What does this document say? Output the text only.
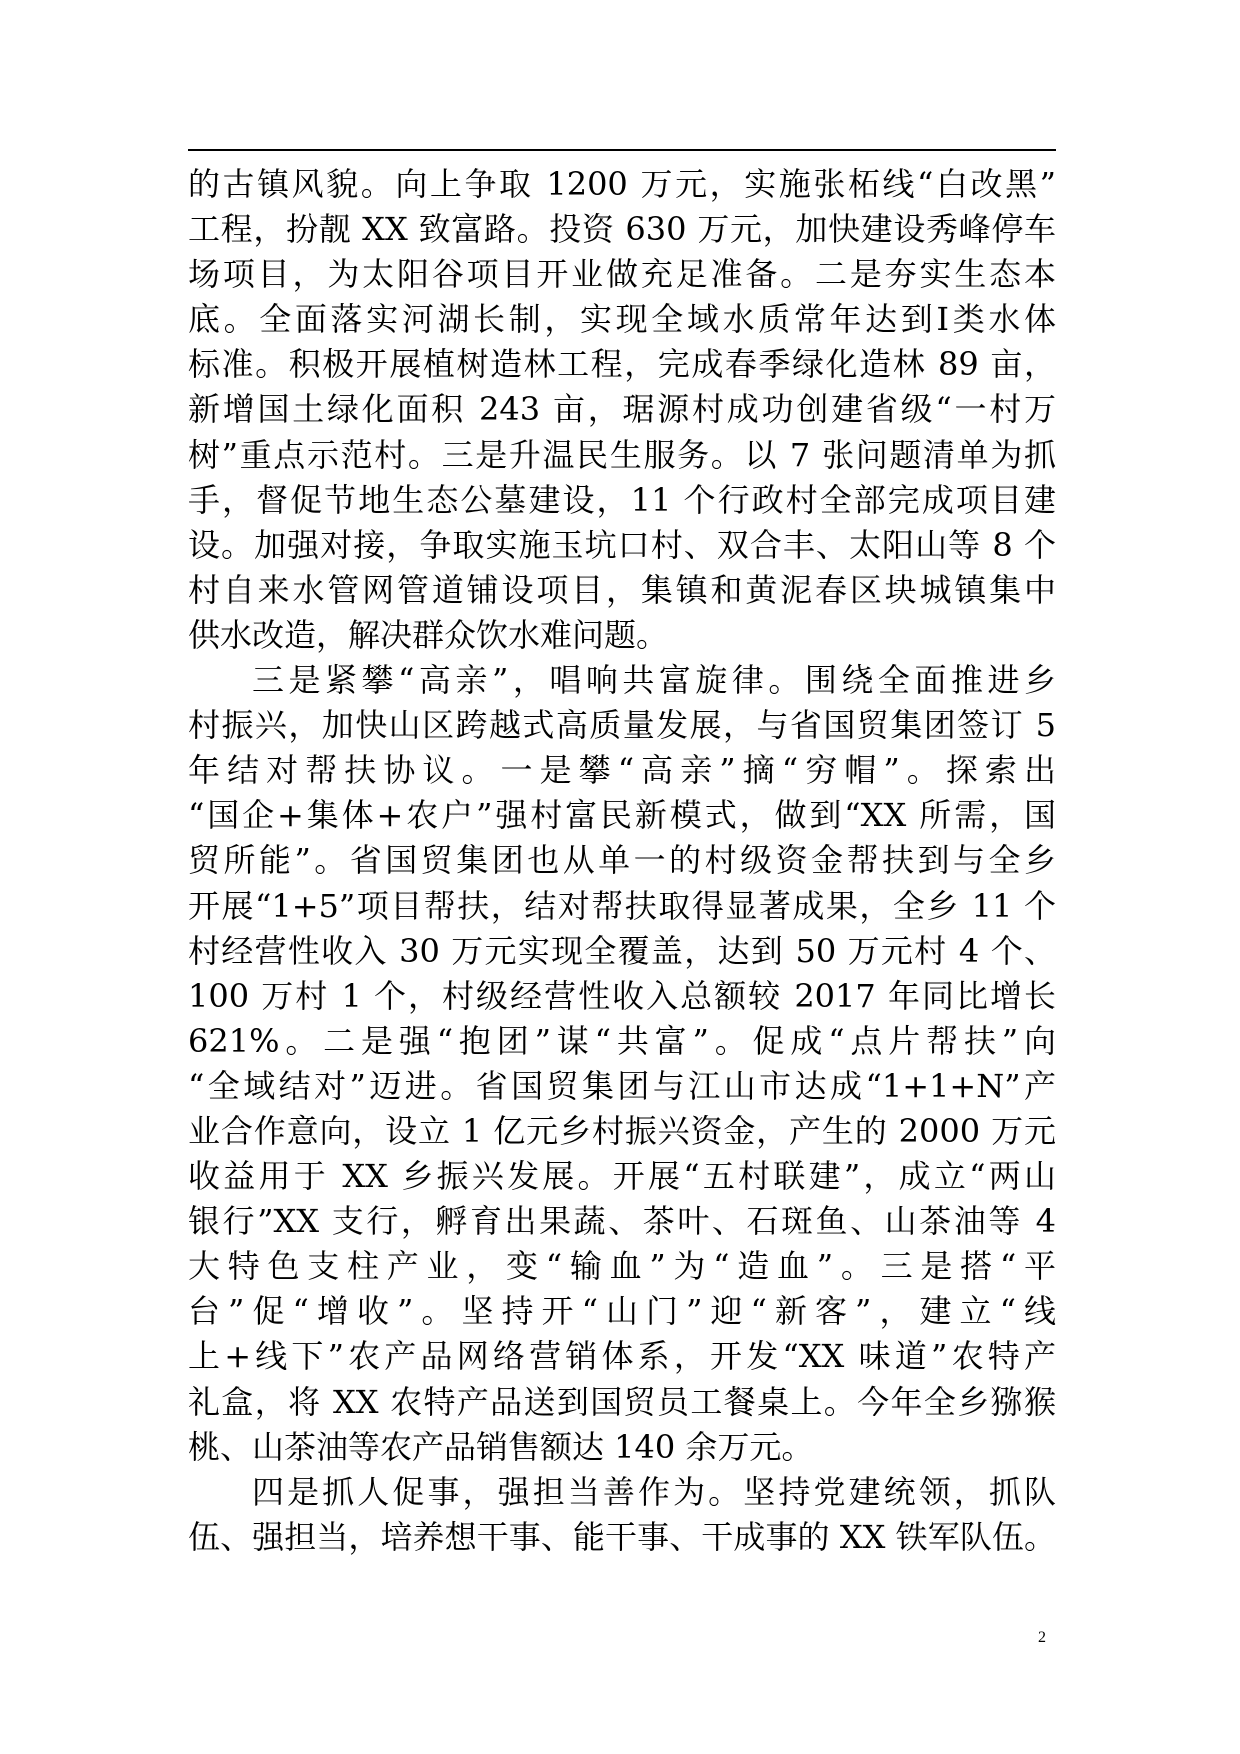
的古镇风貌。向上争取 1200 万元，实施张柘线“白改黑”
工程，扮靓 XX 致富路。投资 630 万元，加快建设秀峰停车
场项目，为太阳谷项目开业做充足准备。二是夯实生态本
底。全面落实河湖长制，实现全域水质常年达到Ⅰ类水体
标准。积极开展植树造林工程，完成春季绿化造林 89 亩，
新增国土绿化面积 243 亩，琚源村成功创建省级“一村万
树”重点示范村。三是升温民生服务。以 7 张问题清单为抓
手，督促节地生态公墓建设，11 个行政村全部完成项目建
设。加强对接，争取实施玉坑口村、双合丰、太阳山等 8 个
村自来水管网管道铺设项目，集镇和黄泥春区块城镇集中
供水改造，解决群众饮水难问题。
三是紧攀“高亲”，唱响共富旋律。围绕全面推进乡
村振兴，加快山区跨越式高质量发展，与省国贸集团签订 5
年结对帮扶协议。一是攀“高亲”摘“穷帽”。探索出
“国企+集体+农户”强村富民新模式，做到“XX 所需，国
贸所能”。省国贸集团也从单一的村级资金帮扶到与全乡
开展“1+5”项目帮扶，结对帮扶取得显著成果，全乡 11 个
村经营性收入 30 万元实现全覆盖，达到 50 万元村 4 个、
100 万村 1 个，村级经营性收入总额较 2017 年同比增长
621%。二是强“抱团”谋“共富”。促成“点片帮扶”向
“全域结对”迈进。省国贸集团与江山市达成“1+1+N”产
业合作意向，设立 1 亿元乡村振兴资金，产生的 2000 万元
收益用于 XX 乡振兴发展。开展“五村联建”，成立“两山
银行”XX 支行，孵育出果蔬、茶叶、石斑鱼、山茶油等 4
大特色支柱产业，变“输血”为“造血”。三是搭“平
台”促“增收”。坚持开“山门”迎“新客”，建立“线
上+线下”农产品网络营销体系，开发“XX 味道”农特产
礼盒，将 XX 农特产品送到国贸员工餐桌上。今年全乡猕猴
桃、山茶油等农产品销售额达 140 余万元。
四是抓人促事，强担当善作为。坚持党建统领，抓队
伍、强担当，培养想干事、能干事、干成事的 XX 铁军队伍。
2
